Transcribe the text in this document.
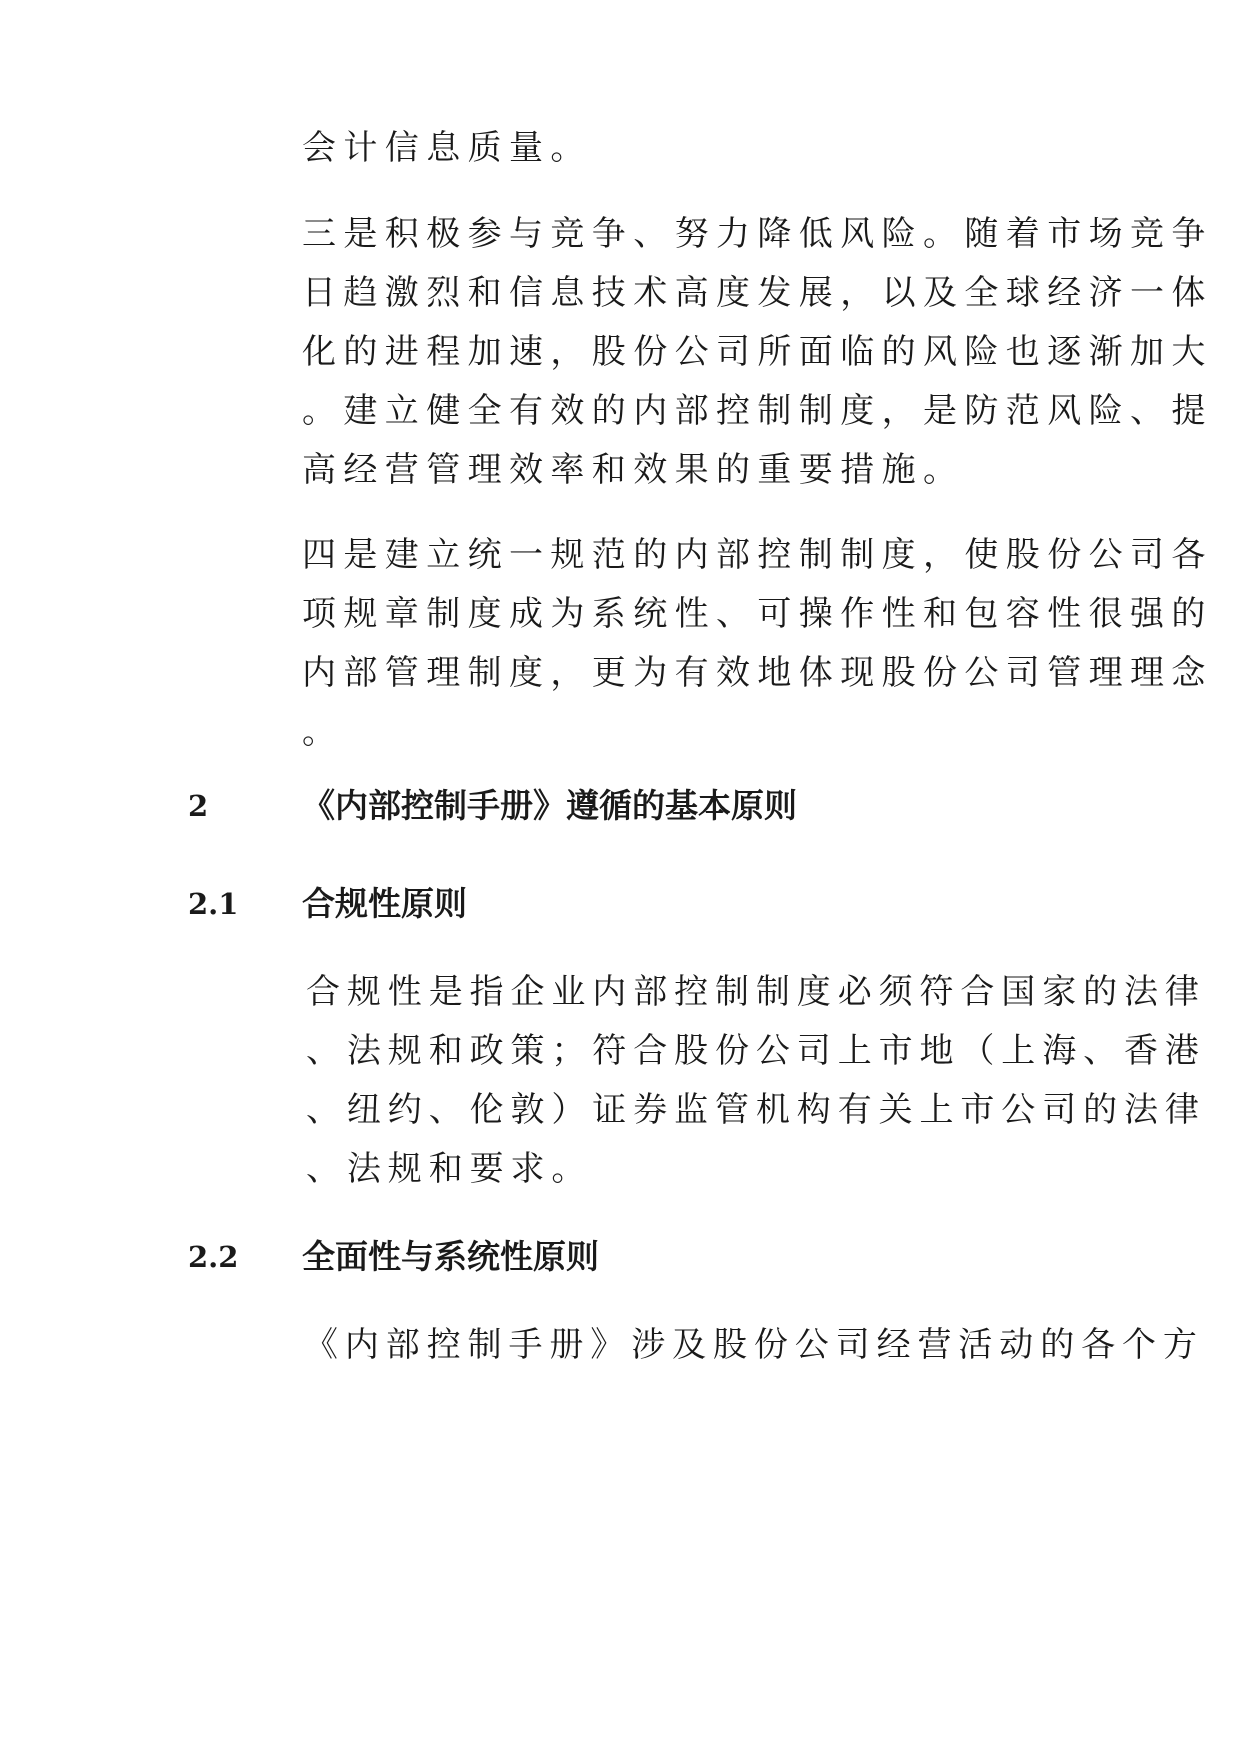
会计信息质量。
三是积极参与竞争、努力降低风险。随着市场竞争
日趋激烈和信息技术高度发展，以及全球经济一体
化的进程加速，股份公司所面临的风险也逐渐加大
。建立健全有效的内部控制制度，是防范风险、提
高经营管理效率和效果的重要措施。
四是建立统一规范的内部控制制度，使股份公司各
项规章制度成为系统性、可操作性和包容性很强的
内部管理制度，更为有效地体现股份公司管理理念
。
2	《内部控制手册》遵循的基本原则
2.1 合规性原则
合规性是指企业内部控制制度必须符合国家的法律
、法规和政策；符合股份公司上市地（上海、香港
、纽约、伦敦）证券监管机构有关上市公司的法律
、法规和要求。
2.2 全面性与系统性原则
《内部控制手册》涉及股份公司经营活动的各个方
